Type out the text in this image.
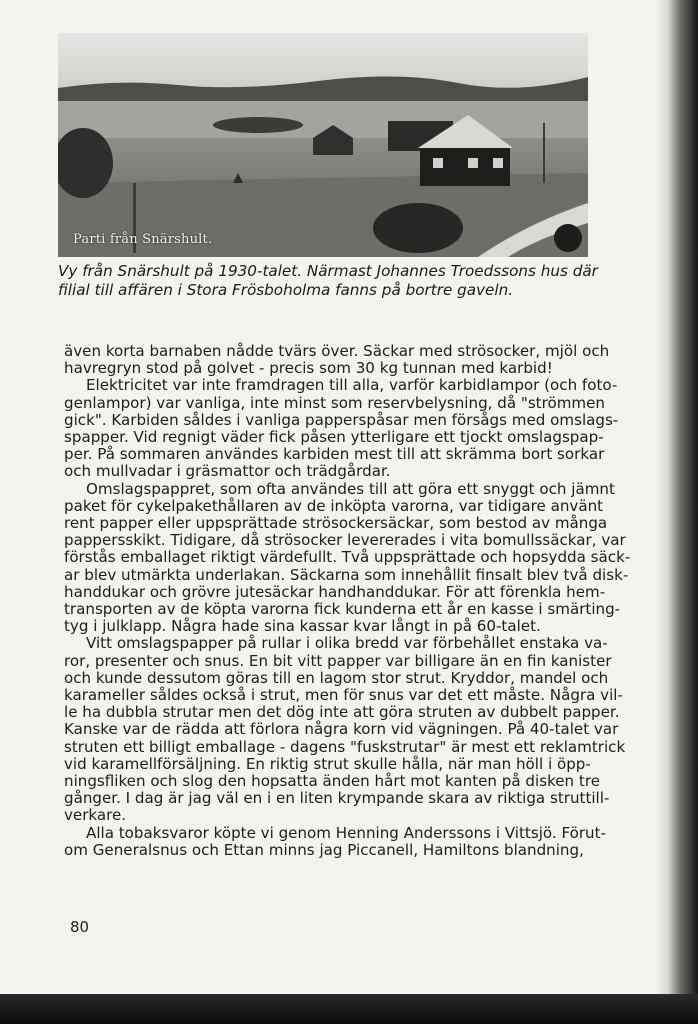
Parti från Snärshult.

Vy från Snärshult på 1930-talet. Närmast Johannes Troedssons hus där
filial till affären i Stora Frösboholma fanns på bortre gaveln.

även korta barnaben nådde tvärs över. Säckar med strösocker, mjöl och
havregryn stod på golvet - precis som 30 kg tunnan med karbid!
Elektricitet var inte framdragen till alla, varför karbidlampor (och foto-
genlampor) var vanliga, inte minst som reservbelysning, då "strömmen
gick". Karbiden såldes i vanliga papperspåsar men försågs med omslags-
spapper. Vid regnigt väder fick påsen ytterligare ett tjockt omslagspap-
per. På sommaren användes karbiden mest till att skrämma bort sorkar
och mullvadar i gräsmattor och trädgårdar.
Omslagspappret, som ofta användes till att göra ett snyggt och jämnt
paket för cykelpakethållaren av de inköpta varorna, var tidigare använt
rent papper eller uppsprättade strösockersäckar, som bestod av många
pappersskikt. Tidigare, då strösocker levererades i vita bomullssäckar, var
förstås emballaget riktigt värdefullt. Två uppsprättade och hopsydda säck-
ar blev utmärkta underlakan. Säckarna som innehållit finsalt blev två disk-
handdukar och grövre jutesäckar handhanddukar. För att förenkla hem-
transporten av de köpta varorna fick kunderna ett år en kasse i smärting-
tyg i julklapp. Några hade sina kassar kvar långt in på 60-talet.
Vitt omslagspapper på rullar i olika bredd var förbehållet enstaka va-
ror, presenter och snus. En bit vitt papper var billigare än en fin kanister
och kunde dessutom göras till en lagom stor strut. Kryddor, mandel och
karameller såldes också i strut, men för snus var det ett måste. Några vil-
le ha dubbla strutar men det dög inte att göra struten av dubbelt papper.
Kanske var de rädda att förlora några korn vid vägningen. På 40-talet var
struten ett billigt emballage - dagens "fuskstrutar" är mest ett reklamtrick
vid karamellförsäljning. En riktig strut skulle hålla, när man höll i öpp-
ningsfliken och slog den hopsatta änden hårt mot kanten på disken tre
gånger. I dag är jag väl en i en liten krympande skara av riktiga struttill-
verkare.
Alla tobaksvaror köpte vi genom Henning Anderssons i Vittsjö. Förut-
om Generalsnus och Ettan minns jag Piccanell, Hamiltons blandning,
80
